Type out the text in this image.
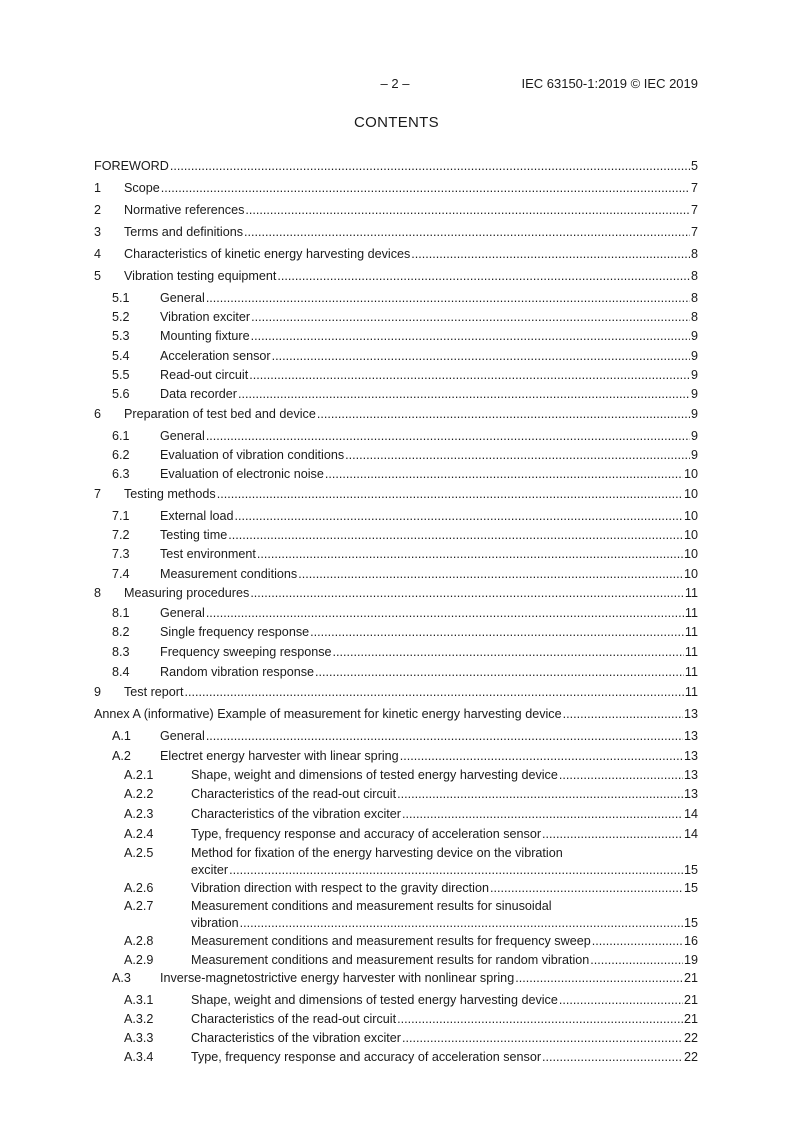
– 2 –	IEC 63150-1:2019 © IEC 2019
CONTENTS
FOREWORD .....	5
1 Scope .....	7
2 Normative references .....	7
3 Terms and definitions .....	7
4 Characteristics of kinetic energy harvesting devices .....	8
5 Vibration testing equipment .....	8
5.1 General .....	8
5.2 Vibration exciter .....	8
5.3 Mounting fixture .....	9
5.4 Acceleration sensor .....	9
5.5 Read-out circuit .....	9
5.6 Data recorder .....	9
6 Preparation of test bed and device .....	9
6.1 General .....	9
6.2 Evaluation of vibration conditions .....	9
6.3 Evaluation of electronic noise .....	10
7 Testing methods .....	10
7.1 External load .....	10
7.2 Testing time .....	10
7.3 Test environment .....	10
7.4 Measurement conditions .....	10
8 Measuring procedures .....	11
8.1 General .....	11
8.2 Single frequency response .....	11
8.3 Frequency sweeping response .....	11
8.4 Random vibration response .....	11
9 Test report .....	11
Annex A (informative) Example of measurement for kinetic energy harvesting device .....	13
A.1 General .....	13
A.2 Electret energy harvester with linear spring .....	13
A.2.1	Shape, weight and dimensions of tested energy harvesting device .....	13
A.2.2	Characteristics of the read-out circuit .....	13
A.2.3	Characteristics of the vibration exciter .....	14
A.2.4	Type, frequency response and accuracy of acceleration sensor .....	14
A.2.5	Method for fixation of the energy harvesting device on the vibration
exciter .....	15
A.2.6	Vibration direction with respect to the gravity direction .....	15
A.2.7	Measurement conditions and measurement results for sinusoidal
vibration .....	15
A.2.8	Measurement conditions and measurement results for frequency sweep .....	16
A.2.9	Measurement conditions and measurement results for random vibration .....	19
A.3 Inverse-magnetostrictive energy harvester with nonlinear spring .....	21
A.3.1	Shape, weight and dimensions of tested energy harvesting device .....	21
A.3.2	Characteristics of the read-out circuit .....	21
A.3.3	Characteristics of the vibration exciter .....	22
A.3.4	Type, frequency response and accuracy of acceleration sensor .....	22
